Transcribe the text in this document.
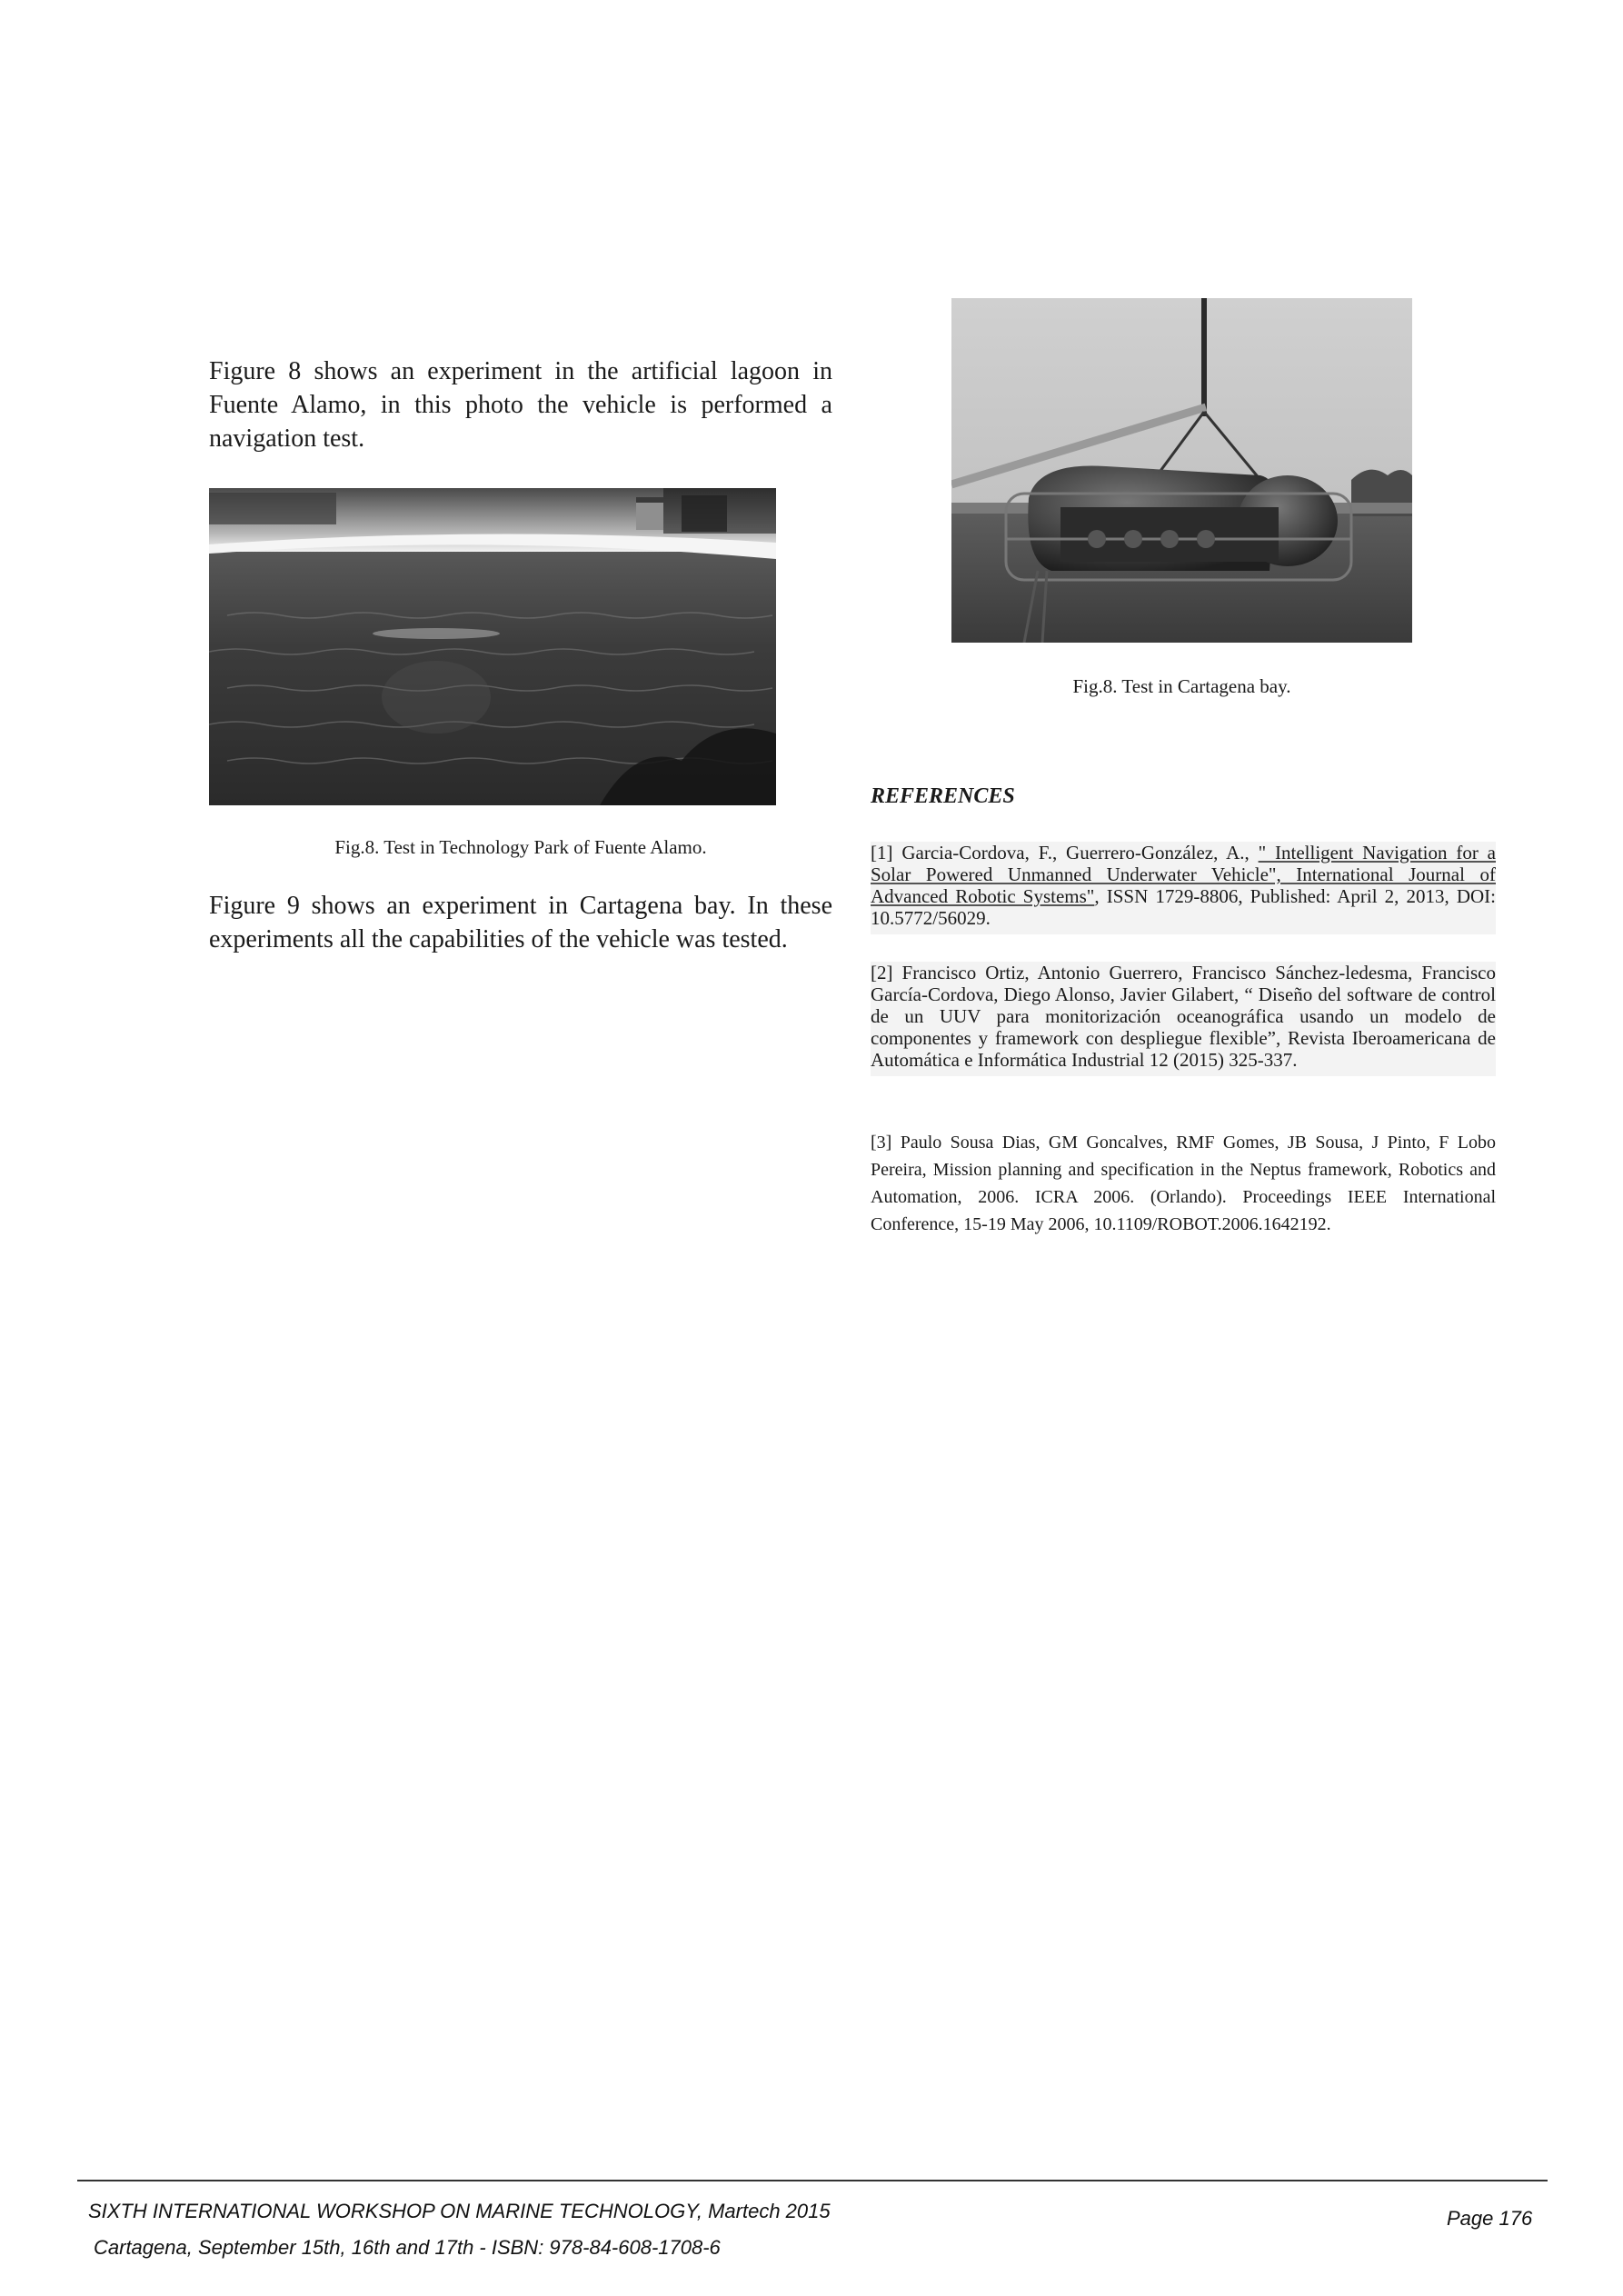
Figure 8 shows an experiment in the artificial lagoon in Fuente Alamo, in this photo the vehicle is performed a navigation test.

Fig.8. Test in Technology Park of Fuente Alamo.

Figure 9 shows an experiment in Cartagena bay. In these experiments all the capabilities of the vehicle was tested.

Fig.8. Test in Cartagena bay.
REFERENCES
[1] Garcia-Cordova, F., Guerrero-González, A., " Intelligent Navigation for a Solar Powered Unmanned Underwater Vehicle", International Journal of Advanced Robotic Systems", ISSN 1729-8806, Published: April 2, 2013, DOI: 10.5772/56029.
[2] Francisco Ortiz, Antonio Guerrero, Francisco Sánchez-ledesma, Francisco García-Cordova, Diego Alonso, Javier Gilabert, “ Diseño del software de control de un UUV para monitorización oceanográfica usando un modelo de componentes y framework con despliegue flexible”, Revista Iberoamericana de Automática e Informática Industrial 12 (2015) 325-337.
[3] Paulo Sousa Dias, GM Goncalves, RMF Gomes, JB Sousa, J Pinto, F Lobo Pereira, Mission planning and specification in the Neptus framework, Robotics and Automation, 2006. ICRA 2006. (Orlando). Proceedings IEEE International Conference, 15-19 May 2006, 10.1109/ROBOT.2006.1642192.
SIXTH INTERNATIONAL WORKSHOP ON MARINE TECHNOLOGY, Martech 2015
Cartagena, September 15th, 16th and 17th - ISBN: 978-84-608-1708-6
Page 176
